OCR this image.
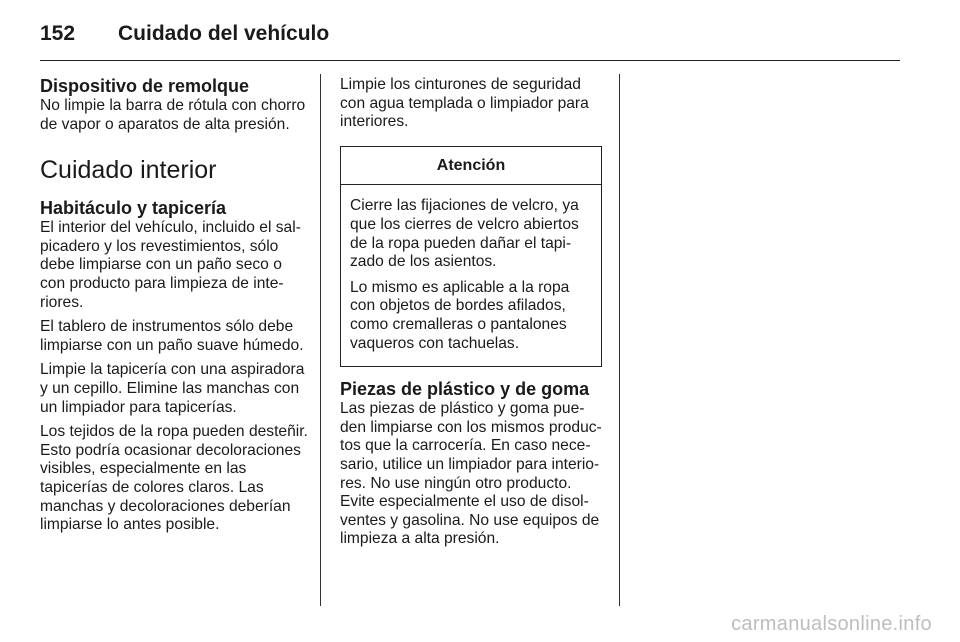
152 Cuidado del vehículo
Dispositivo de remolque

No limpie la barra de rótula con chorro de vapor o aparatos de alta presión.

Cuidado interior
Habitáculo y tapicería

El interior del vehículo, incluido el salpicadero y los revestimientos, sólo debe limpiarse con un paño seco o con producto para limpieza de interiores.

El tablero de instrumentos sólo debe limpiarse con un paño suave húmedo.

Limpie la tapicería con una aspiradora y un cepillo. Elimine las manchas con un limpiador para tapicerías.

Los tejidos de la ropa pueden desteñir. Esto podría ocasionar decoloraciones visibles, especialmente en las tapicerías de colores claros. Las manchas y decoloraciones deberían limpiarse lo antes posible.

Limpie los cinturones de seguridad con agua templada o limpiador para interiores.

Atención

Cierre las fijaciones de velcro, ya que los cierres de velcro abiertos de la ropa pueden dañar el tapizado de los asientos.

Lo mismo es aplicable a la ropa con objetos de bordes afilados, como cremalleras o pantalones vaqueros con tachuelas.

Piezas de plástico y de goma

Las piezas de plástico y goma pueden limpiarse con los mismos productos que la carrocería. En caso necesario, utilice un limpiador para interiores. No use ningún otro producto. Evite especialmente el uso de disolventes y gasolina. No use equipos de limpieza a alta presión.

carmanualsonline.info
